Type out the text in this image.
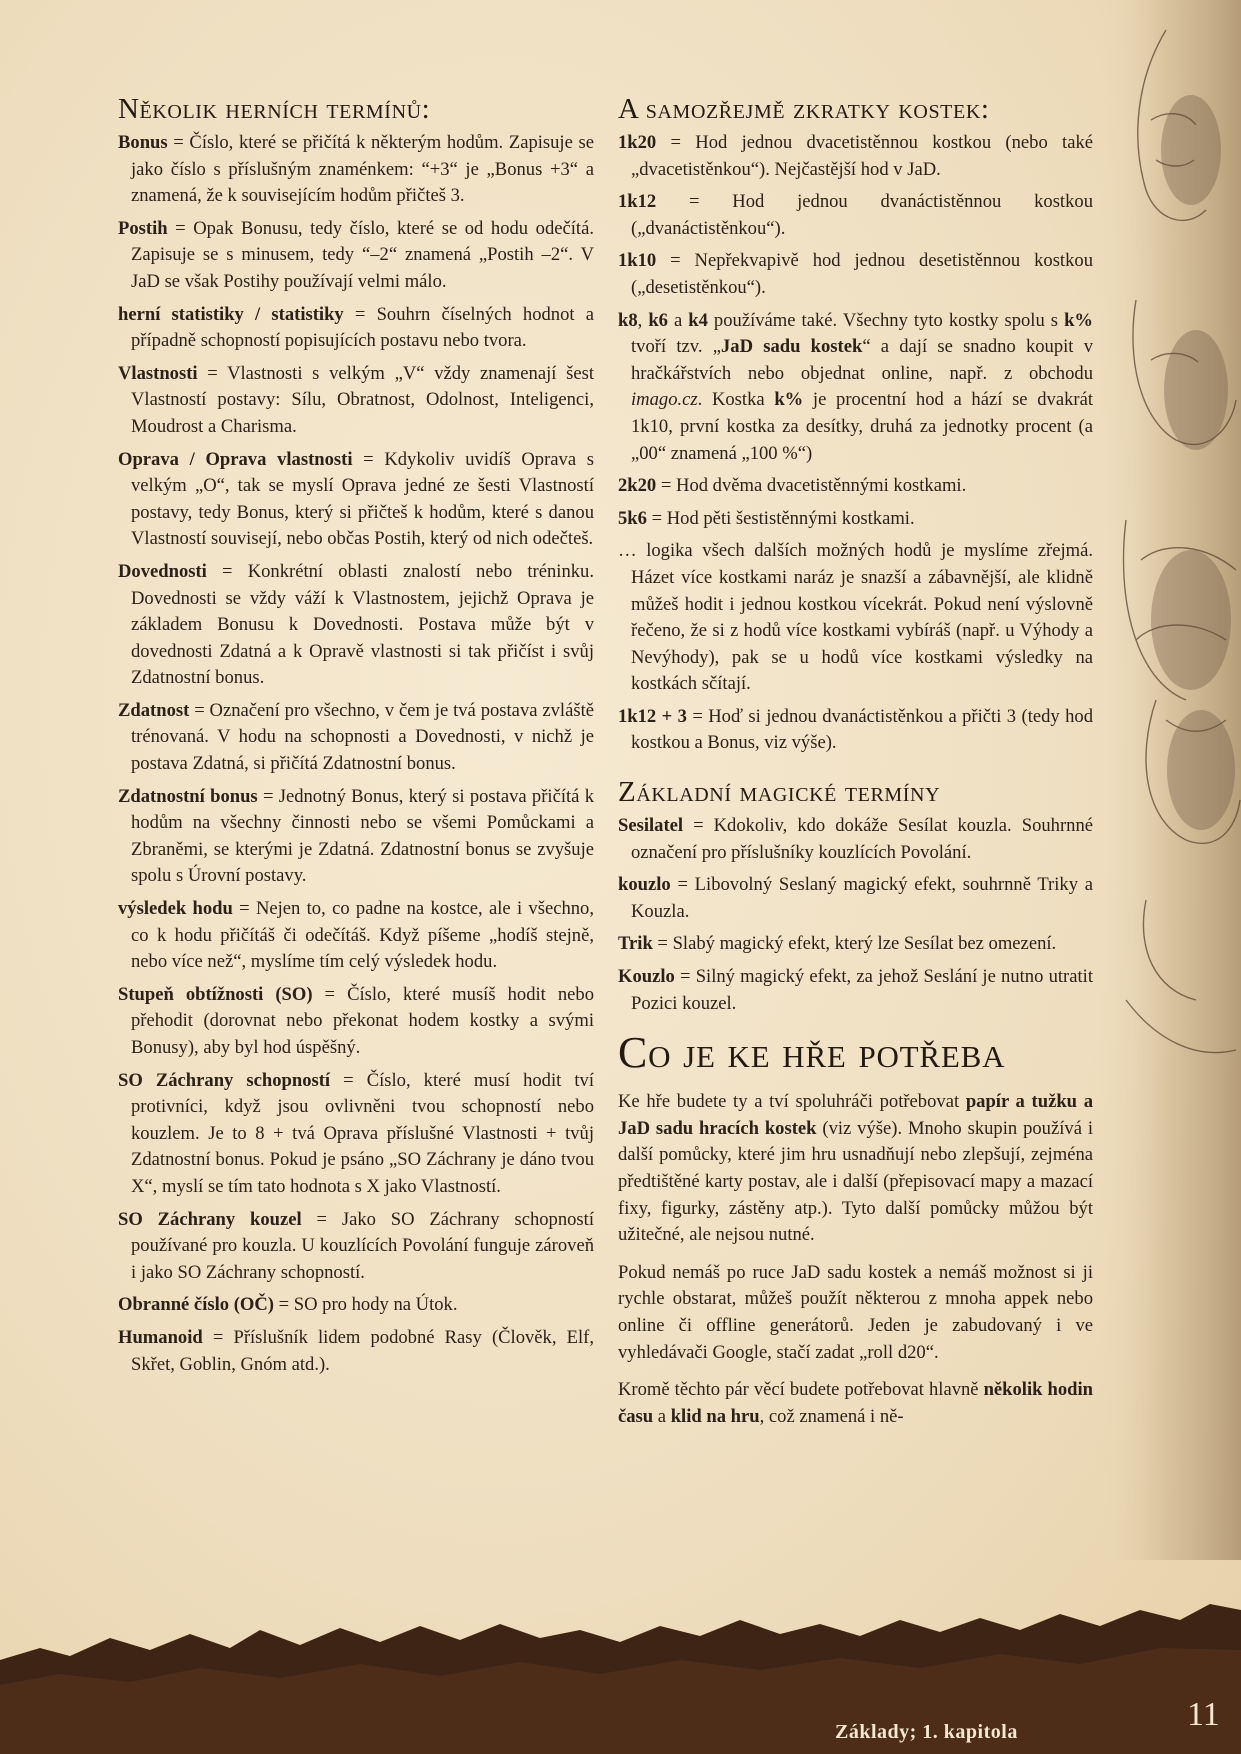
Několik herních termínů:

Bonus = Číslo, které se přičítá k některým hodům. Zapisuje se jako číslo s příslušným znaménkem: “+3“ je „Bonus +3“ a znamená, že k souvisejícím hodům přičteš 3.

Postih = Opak Bonusu, tedy číslo, které se od hodu odečítá. Zapisuje se s minusem, tedy “–2“ znamená „Postih –2“. V JaD se však Postihy používají velmi málo.

herní statistiky / statistiky = Souhrn číselných hodnot a případně schopností popisujících postavu nebo tvora.

Vlastnosti = Vlastnosti s velkým „V“ vždy znamenají šest Vlastností postavy: Sílu, Obratnost, Odolnost, Inteligenci, Moudrost a Charisma.

Oprava / Oprava vlastnosti = Kdykoliv uvidíš Oprava s velkým „O“, tak se myslí Oprava jedné ze šesti Vlastností postavy, tedy Bonus, který si přičteš k hodům, které s danou Vlastností souvisejí, nebo občas Postih, který od nich odečteš.

Dovednosti = Konkrétní oblasti znalostí nebo tréninku. Dovednosti se vždy váží k Vlastnostem, jejichž Oprava je základem Bonusu k Dovednosti. Postava může být v dovednosti Zdatná a k Opravě vlastnosti si tak přičíst i svůj Zdatnostní bonus.

Zdatnost = Označení pro všechno, v čem je tvá postava zvláště trénovaná. V hodu na schopnosti a Dovednosti, v nichž je postava Zdatná, si přičítá Zdatnostní bonus.

Zdatnostní bonus = Jednotný Bonus, který si postava přičítá k hodům na všechny činnosti nebo se všemi Pomůckami a Zbraněmi, se kterými je Zdatná. Zdatnostní bonus se zvyšuje spolu s Úrovní postavy.

výsledek hodu = Nejen to, co padne na kostce, ale i všechno, co k hodu přičítáš či odečítáš. Když píšeme „hodíš stejně, nebo více než“, myslíme tím celý výsledek hodu.

Stupeň obtížnosti (SO) = Číslo, které musíš hodit nebo přehodit (dorovnat nebo překonat hodem kostky a svými Bonusy), aby byl hod úspěšný.

SO Záchrany schopností = Číslo, které musí hodit tví protivníci, když jsou ovlivněni tvou schopností nebo kouzlem. Je to 8 + tvá Oprava příslušné Vlastnosti + tvůj Zdatnostní bonus. Pokud je psáno „SO Záchrany je dáno tvou X“, myslí se tím tato hodnota s X jako Vlastností.

SO Záchrany kouzel = Jako SO Záchrany schopností používané pro kouzla. U kouzlících Povolání funguje zároveň i jako SO Záchrany schopností.

Obranné číslo (OČ) = SO pro hody na Útok.

Humanoid = Příslušník lidem podobné Rasy (Člověk, Elf, Skřet, Goblin, Gnóm atd.).

A samozřejmě zkratky kostek:

1k20 = Hod jednou dvacetistěnnou kostkou (nebo také „dvacetistěnkou“). Nejčastější hod v JaD.

1k12 = Hod jednou dvanáctistěnnou kostkou („dvanáctistěnkou“).

1k10 = Nepřekvapivě hod jednou desetistěnnou kostkou („desetistěnkou“).

k8, k6 a k4 používáme také. Všechny tyto kostky spolu s k% tvoří tzv. „JaD sadu kostek“ a dají se snadno koupit v hračkářstvích nebo objednat online, např. z obchodu imago.cz. Kostka k% je procentní hod a hází se dvakrát 1k10, první kostka za desítky, druhá za jednotky procent (a „00“ znamená „100 %“)

2k20 = Hod dvěma dvacetistěnnými kostkami.

5k6 = Hod pěti šestistěnnými kostkami.

… logika všech dalších možných hodů je myslíme zřejmá. Házet více kostkami naráz je snazší a zábavnější, ale klidně můžeš hodit i jednou kostkou vícekrát. Pokud není výslovně řečeno, že si z hodů více kostkami vybíráš (např. u Výhody a Nevýhody), pak se u hodů více kostkami výsledky na kostkách sčítají.

1k12 + 3 = Hoď si jednou dvanáctistěnkou a přičti 3 (tedy hod kostkou a Bonus, viz výše).

Základní magické termíny

Sesilatel = Kdokoliv, kdo dokáže Sesílat kouzla. Souhrnné označení pro příslušníky kouzlících Povolání.

kouzlo = Libovolný Seslaný magický efekt, souhrnně Triky a Kouzla.

Trik = Slabý magický efekt, který lze Sesílat bez omezení.

Kouzlo = Silný magický efekt, za jehož Seslání je nutno utratit Pozici kouzel.

Co je ke hře potřeba

Ke hře budete ty a tví spoluhráči potřebovat papír a tužku a JaD sadu hracích kostek (viz výše). Mnoho skupin používá i další pomůcky, které jim hru usnadňují nebo zlepšují, zejména předtištěné karty postav, ale i další (přepisovací mapy a mazací fixy, figurky, zástěny atp.). Tyto další pomůcky můžou být užitečné, ale nejsou nutné.

Pokud nemáš po ruce JaD sadu kostek a nemáš možnost si ji rychle obstarat, můžeš použít některou z mnoha appek nebo online či offline generátorů. Jeden je zabudovaný i ve vyhledávači Google, stačí zadat „roll d20“.

Kromě těchto pár věcí budete potřebovat hlavně několik hodin času a klid na hru, což znamená i ně-

Základy; 1. kapitola	11
